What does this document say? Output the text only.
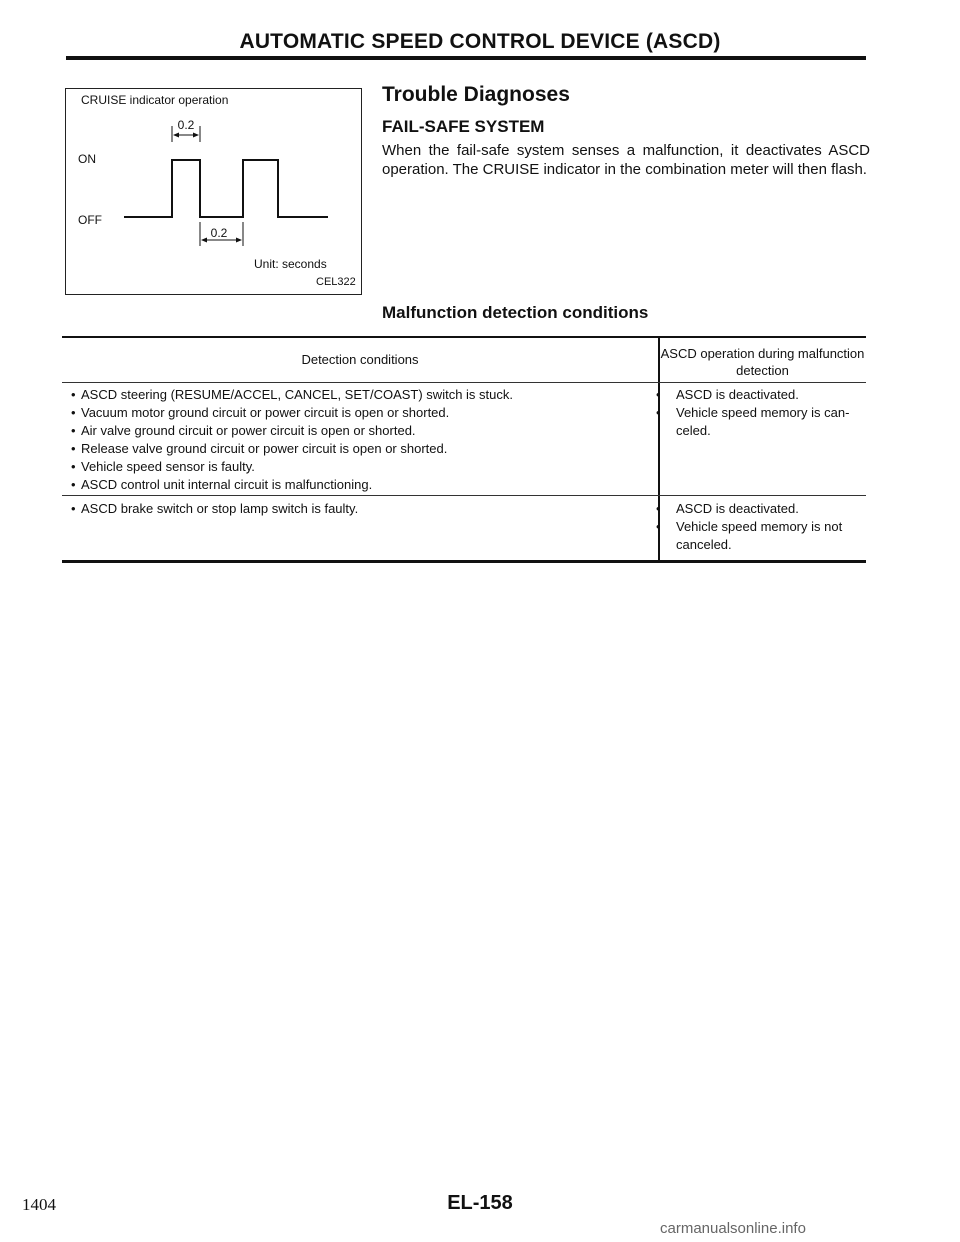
AUTOMATIC SPEED CONTROL DEVICE (ASCD)
CRUISE indicator operation
ON
OFF
0.2
0.2
Unit: seconds
CEL322
Trouble Diagnoses
FAIL-SAFE SYSTEM
When the fail-safe system senses a malfunction, it deactivates ASCD operation. The CRUISE indicator in the combination meter will then flash.
Malfunction detection conditions
Detection conditions	ASCD operation during malfunction detection
• ASCD steering (RESUME/ACCEL, CANCEL, SET/COAST) switch is stuck.
• Vacuum motor ground circuit or power circuit is open or shorted.
• Air valve ground circuit or power circuit is open or shorted.
• Release valve ground circuit or power circuit is open or shorted.
• Vehicle speed sensor is faulty.
• ASCD control unit internal circuit is malfunctioning.
• ASCD is deactivated.
• Vehicle speed memory is can- celed.
• ASCD brake switch or stop lamp switch is faulty.
•	ASCD is deactivated.
• Vehicle speed memory is not canceled.
1404	EL-158
carmanualsonline.info
